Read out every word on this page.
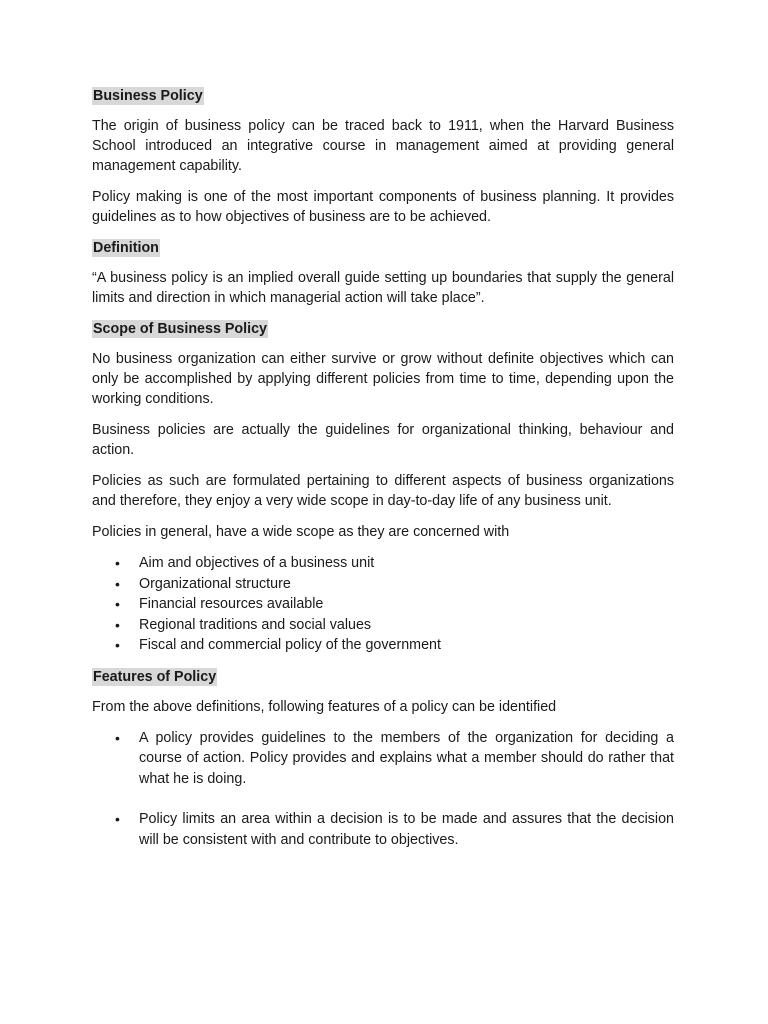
Business Policy

The origin of business policy can be traced back to 1911, when the Harvard Business School introduced an integrative course in management aimed at providing general management capability.

Policy making is one of the most important components of business planning. It provides guidelines as to how objectives of business are to be achieved.

Definition

“A business policy is an implied overall guide setting up boundaries that supply the general limits and direction in which managerial action will take place”.

Scope of Business Policy

No business organization can either survive or grow without definite objectives which can only be accomplished by applying different policies from time to time, depending upon the working conditions.

Business policies are actually the guidelines for organizational thinking, behaviour and action.

Policies as such are formulated pertaining to different aspects of business organizations and therefore, they enjoy a very wide scope in day-to-day life of any business unit.

Policies in general, have a wide scope as they are concerned with

• Aim and objectives of a business unit
• Organizational structure
• Financial resources available
• Regional traditions and social values
• Fiscal and commercial policy of the government
Features of Policy

From the above definitions, following features of a policy can be identified

• A policy provides guidelines to the members of the organization for deciding a course of action. Policy provides and explains what a member should do rather that what he is doing.
• Policy limits an area within a decision is to be made and assures that the decision will be consistent with and contribute to objectives.
